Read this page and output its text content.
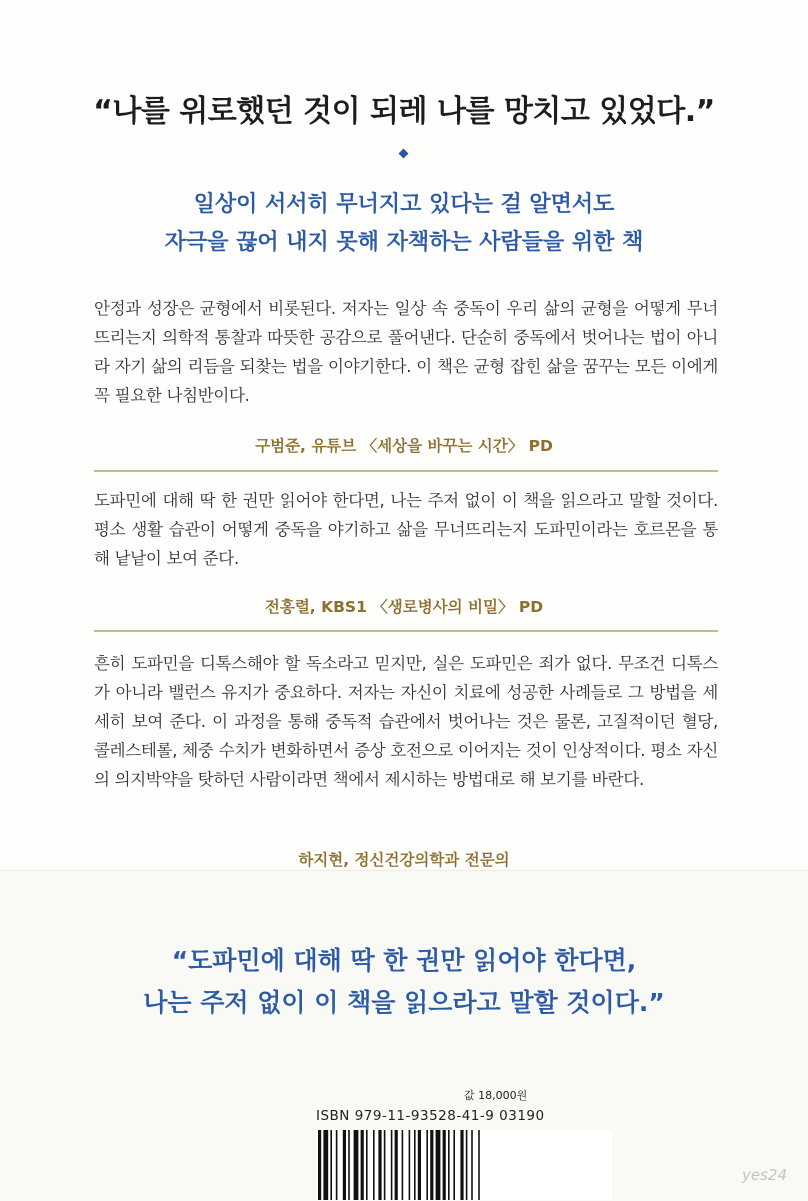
“나를 위로했던 것이 되레 나를 망치고 있었다.”
일상이 서서히 무너지고 있다는 걸 알면서도
자극을 끊어 내지 못해 자책하는 사람들을 위한 책
안정과 성장은 균형에서 비롯된다. 저자는 일상 속 중독이 우리 삶의 균형을 어떻게 무너뜨리는지 의학적 통찰과 따뜻한 공감으로 풀어낸다. 단순히 중독에서 벗어나는 법이 아니라 자기 삶의 리듬을 되찾는 법을 이야기한다. 이 책은 균형 잡힌 삶을 꿈꾸는 모든 이에게 꼭 필요한 나침반이다.
구범준, 유튜브 〈세상을 바꾸는 시간〉 PD
도파민에 대해 딱 한 권만 읽어야 한다면, 나는 주저 없이 이 책을 읽으라고 말할 것이다. 평소 생활 습관이 어떻게 중독을 야기하고 삶을 무너뜨리는지 도파민이라는 호르몬을 통해 낱낱이 보여 준다.
전홍렬, KBS1 〈생로병사의 비밀〉 PD
흔히 도파민을 디톡스해야 할 독소라고 믿지만, 실은 도파민은 죄가 없다. 무조건 디톡스가 아니라 밸런스 유지가 중요하다. 저자는 자신이 치료에 성공한 사례들로 그 방법을 세세히 보여 준다. 이 과정을 통해 중독적 습관에서 벗어나는 것은 물론, 고질적이던 혈당, 콜레스테롤, 체중 수치가 변화하면서 증상 호전으로 이어지는 것이 인상적이다. 평소 자신의 의지박약을 탓하던 사람이라면 책에서 제시하는 방법대로 해 보기를 바란다.
하지현, 정신건강의학과 전문의
“도파민에 대해 딱 한 권만 읽어야 한다면,
나는 주저 없이 이 책을 읽으라고 말할 것이다.”
값 18,000원
ISBN 979-11-93528-41-9 03190
yes24
